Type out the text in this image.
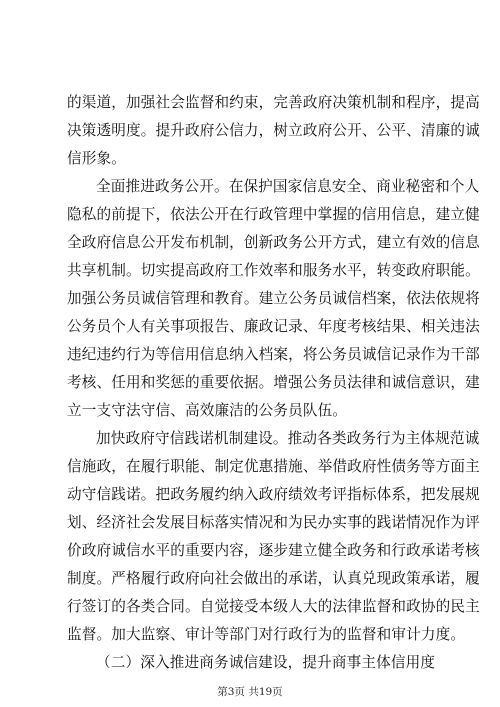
的渠道，加强社会监督和约束，完善政府决策机制和程序，提高
决策透明度。提升政府公信力，树立政府公开、公平、清廉的诚
信形象。
全面推进政务公开。在保护国家信息安全、商业秘密和个人
隐私的前提下，依法公开在行政管理中掌握的信用信息，建立健
全政府信息公开发布机制，创新政务公开方式，建立有效的信息
共享机制。切实提高政府工作效率和服务水平，转变政府职能。
加强公务员诚信管理和教育。建立公务员诚信档案，依法依规将
公务员个人有关事项报告、廉政记录、年度考核结果、相关违法
违纪违约行为等信用信息纳入档案，将公务员诚信记录作为干部
考核、任用和奖惩的重要依据。增强公务员法律和诚信意识，建
立一支守法守信、高效廉洁的公务员队伍。
加快政府守信践诺机制建设。推动各类政务行为主体规范诚
信施政，在履行职能、制定优惠措施、举借政府性债务等方面主
动守信践诺。把政务履约纳入政府绩效考评指标体系，把发展规
划、经济社会发展目标落实情况和为民办实事的践诺情况作为评
价政府诚信水平的重要内容，逐步建立健全政务和行政承诺考核
制度。严格履行政府向社会做出的承诺，认真兑现政策承诺，履
行签订的各类合同。自觉接受本级人大的法律监督和政协的民主
监督。加大监察、审计等部门对行政行为的监督和审计力度。
（二）深入推进商务诚信建设，提升商事主体信用度
第3页 共19页
